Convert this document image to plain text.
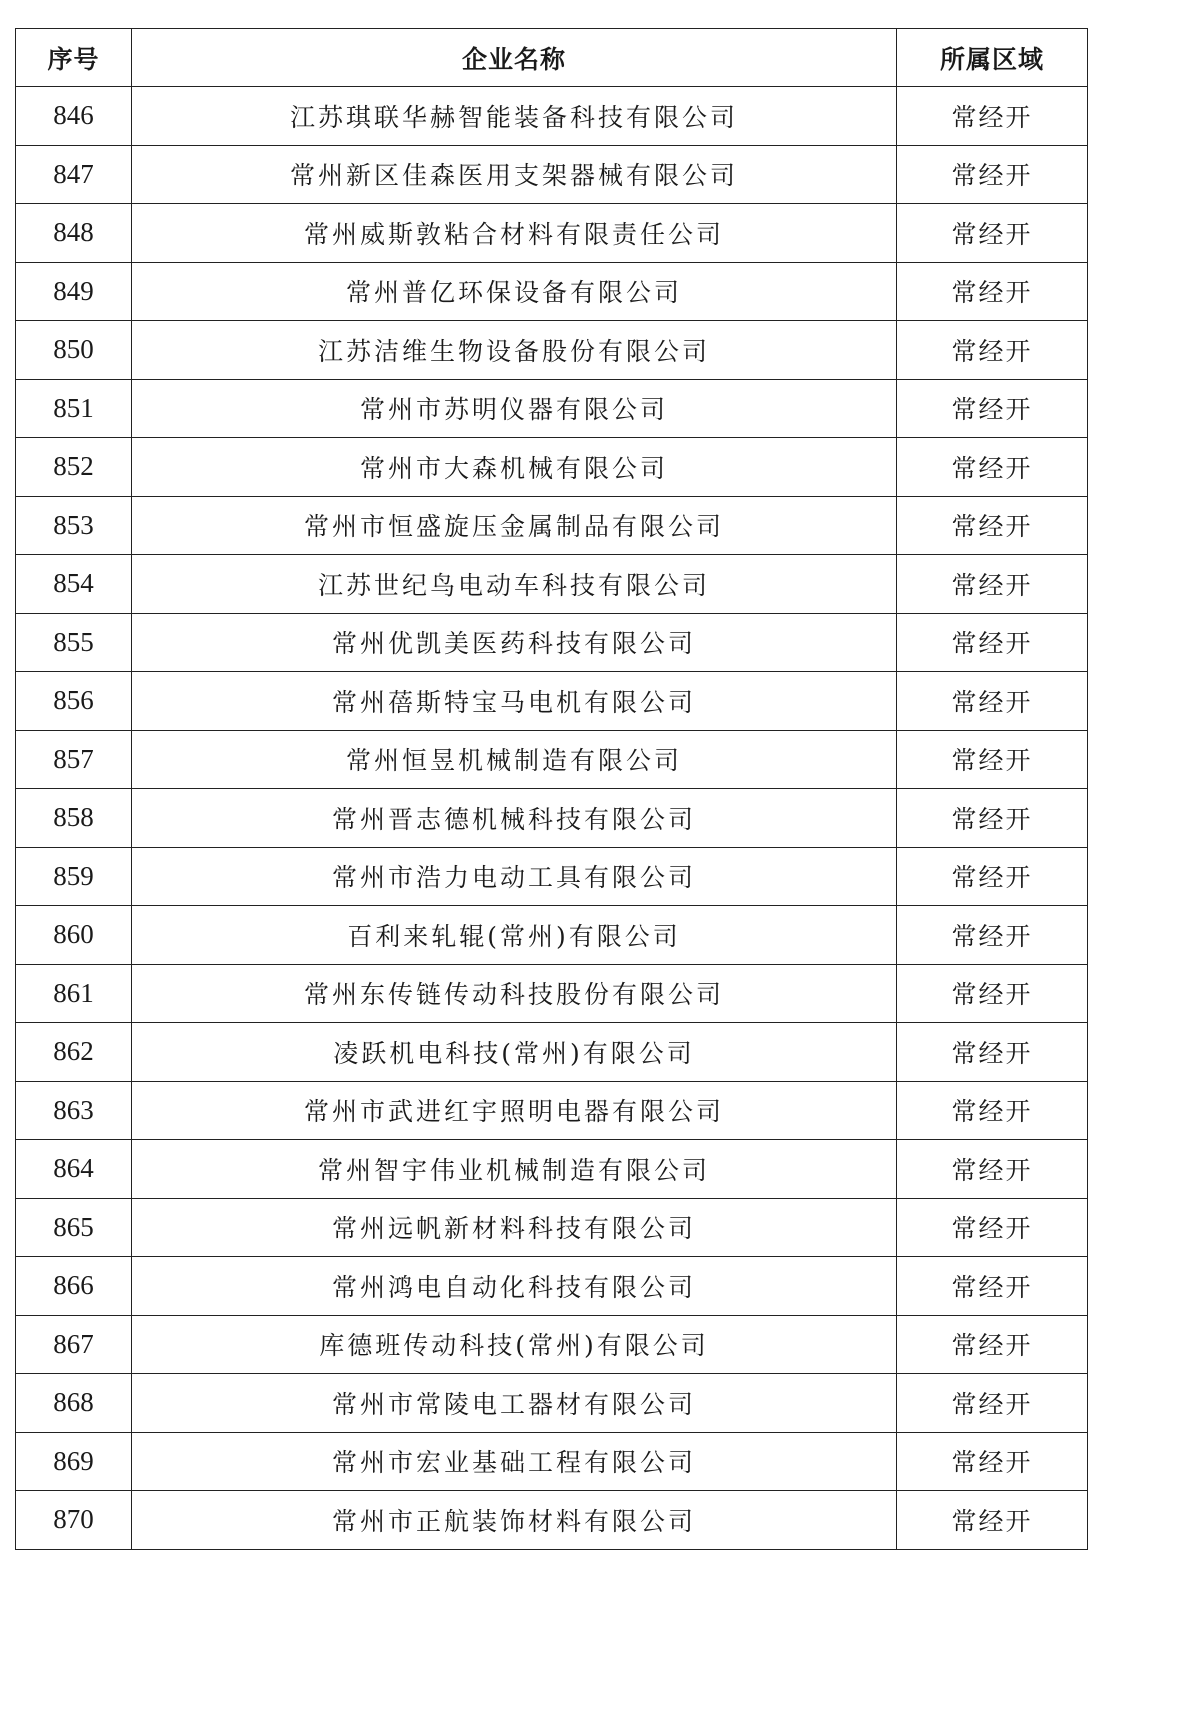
序号	企业名称	所属区域
846	江苏琪联华赫智能装备科技有限公司	常经开
847	常州新区佳森医用支架器械有限公司	常经开
848	常州威斯敦粘合材料有限责任公司	常经开
849	常州普亿环保设备有限公司	常经开
850	江苏洁维生物设备股份有限公司	常经开
851	常州市苏明仪器有限公司	常经开
852	常州市大森机械有限公司	常经开
853	常州市恒盛旋压金属制品有限公司	常经开
854	江苏世纪鸟电动车科技有限公司	常经开
855	常州优凯美医药科技有限公司	常经开
856	常州蓓斯特宝马电机有限公司	常经开
857	常州恒昱机械制造有限公司	常经开
858	常州晋志德机械科技有限公司	常经开
859	常州市浩力电动工具有限公司	常经开
860	百利来轧辊(常州)有限公司	常经开
861	常州东传链传动科技股份有限公司	常经开
862	凌跃机电科技(常州)有限公司	常经开
863	常州市武进红宇照明电器有限公司	常经开
864	常州智宇伟业机械制造有限公司	常经开
865	常州远帆新材料科技有限公司	常经开
866	常州鸿电自动化科技有限公司	常经开
867	库德班传动科技(常州)有限公司	常经开
868	常州市常陵电工器材有限公司	常经开
869	常州市宏业基础工程有限公司	常经开
870	常州市正航装饰材料有限公司	常经开
